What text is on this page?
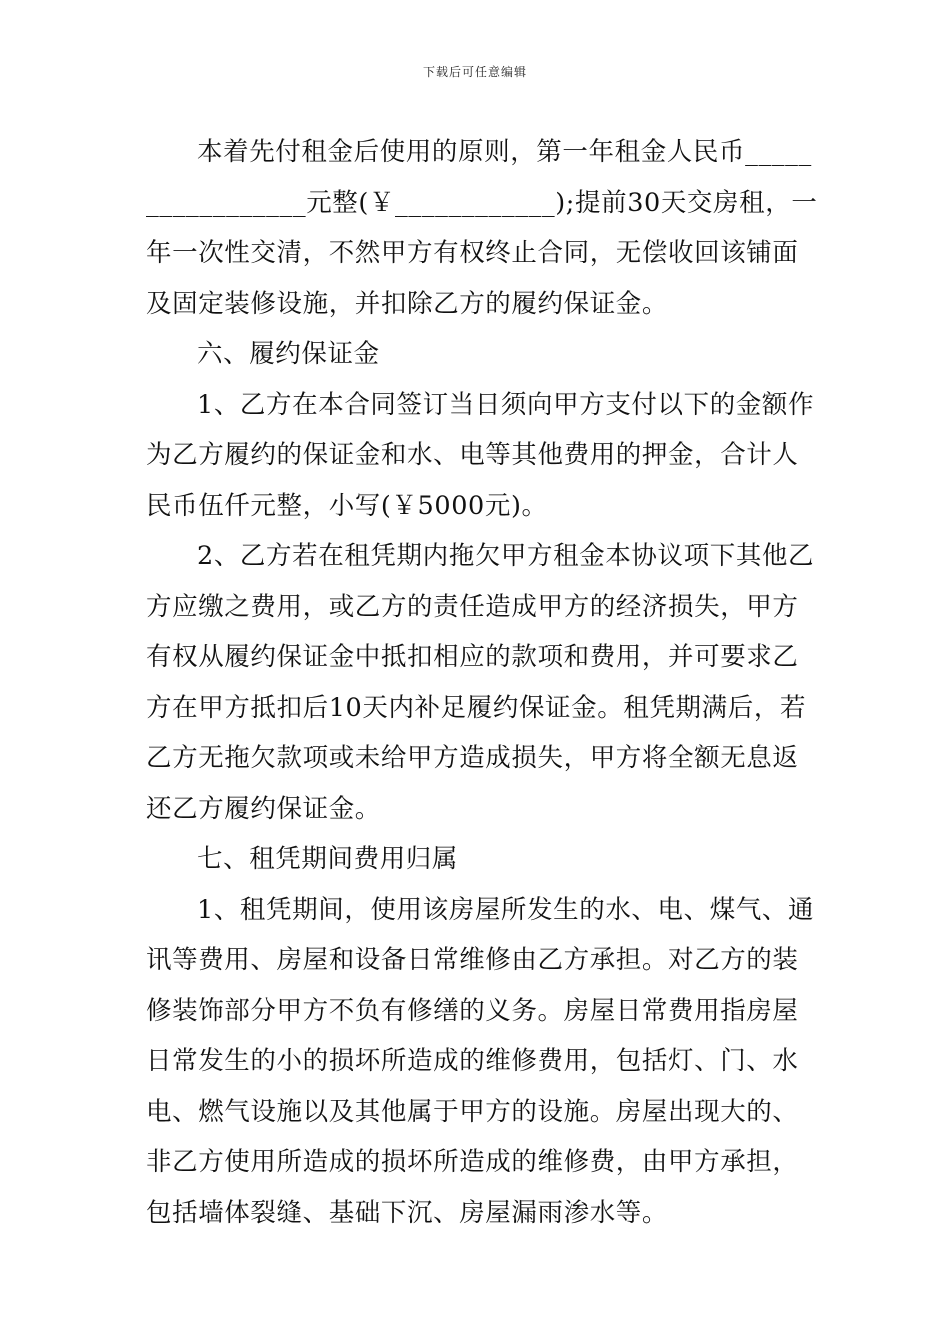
下载后可任意编辑
本着先付租金后使用的原则，第一年租金人民币_____
____________元整(￥____________);提前30天交房租，一
年一次性交清，不然甲方有权终止合同，无偿收回该铺面
及固定装修设施，并扣除乙方的履约保证金。
六、履约保证金
1、乙方在本合同签订当日须向甲方支付以下的金额作
为乙方履约的保证金和水、电等其他费用的押金，合计人
民币伍仟元整，小写(￥5000元)。
2、乙方若在租凭期内拖欠甲方租金本协议项下其他乙
方应缴之费用，或乙方的责任造成甲方的经济损失，甲方
有权从履约保证金中抵扣相应的款项和费用，并可要求乙
方在甲方抵扣后10天内补足履约保证金。租凭期满后，若
乙方无拖欠款项或未给甲方造成损失，甲方将全额无息返
还乙方履约保证金。
七、租凭期间费用归属
1、租凭期间，使用该房屋所发生的水、电、煤气、通
讯等费用、房屋和设备日常维修由乙方承担。对乙方的装
修装饰部分甲方不负有修缮的义务。房屋日常费用指房屋
日常发生的小的损坏所造成的维修费用，包括灯、门、水
电、燃气设施以及其他属于甲方的设施。房屋出现大的、
非乙方使用所造成的损坏所造成的维修费，由甲方承担，
包括墙体裂缝、基础下沉、房屋漏雨渗水等。
